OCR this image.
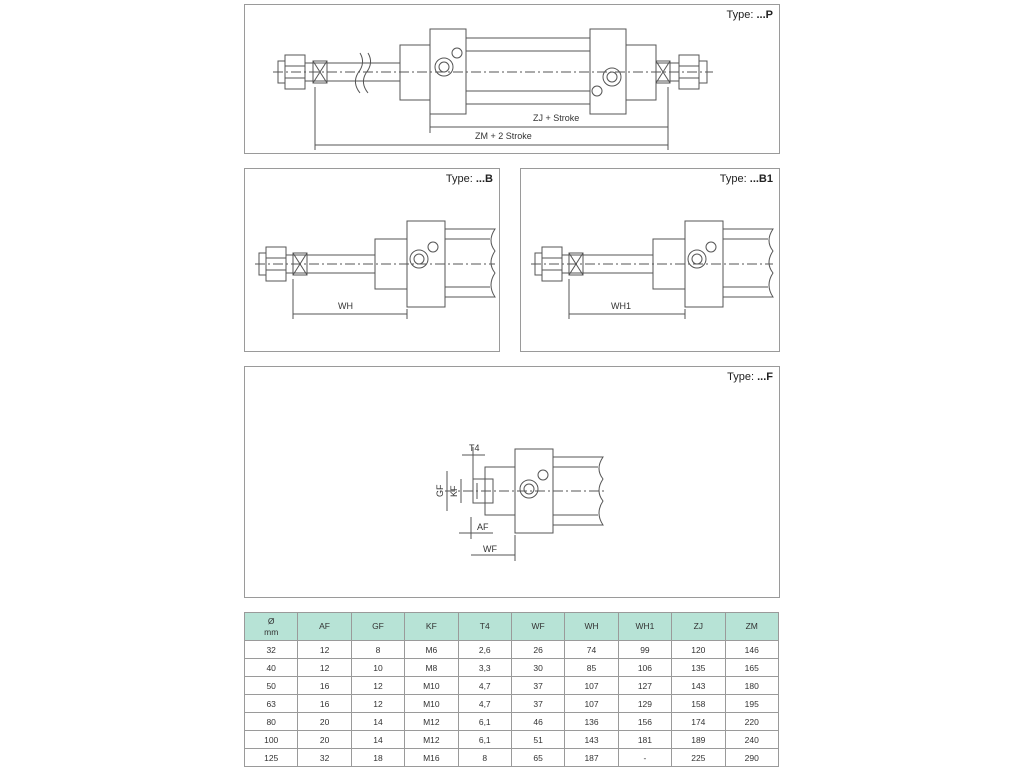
Type: ...P
ZJ + Stroke
ZM + 2 Stroke
Type: ...B
WH
Type: ...B1
WH1
Type: ...F
T4
GF KF
AF
WF
Ø
mm	AF	GF	KF	T4	WF	WH	WH1	ZJ	ZM
32	12	8	M6	2,6	26	74	99	120	146
40	12	10	M8	3,3	30	85	106	135	165
50	16	12	M10	4,7	37	107	127	143	180
63	16	12	M10	4,7	37	107	129	158	195
80	20	14	M12	6,1	46	136	156	174	220
100	20	14	M12	6,1	51	143	181	189	240
125	32	18	M16	8	65	187	-	225	290
